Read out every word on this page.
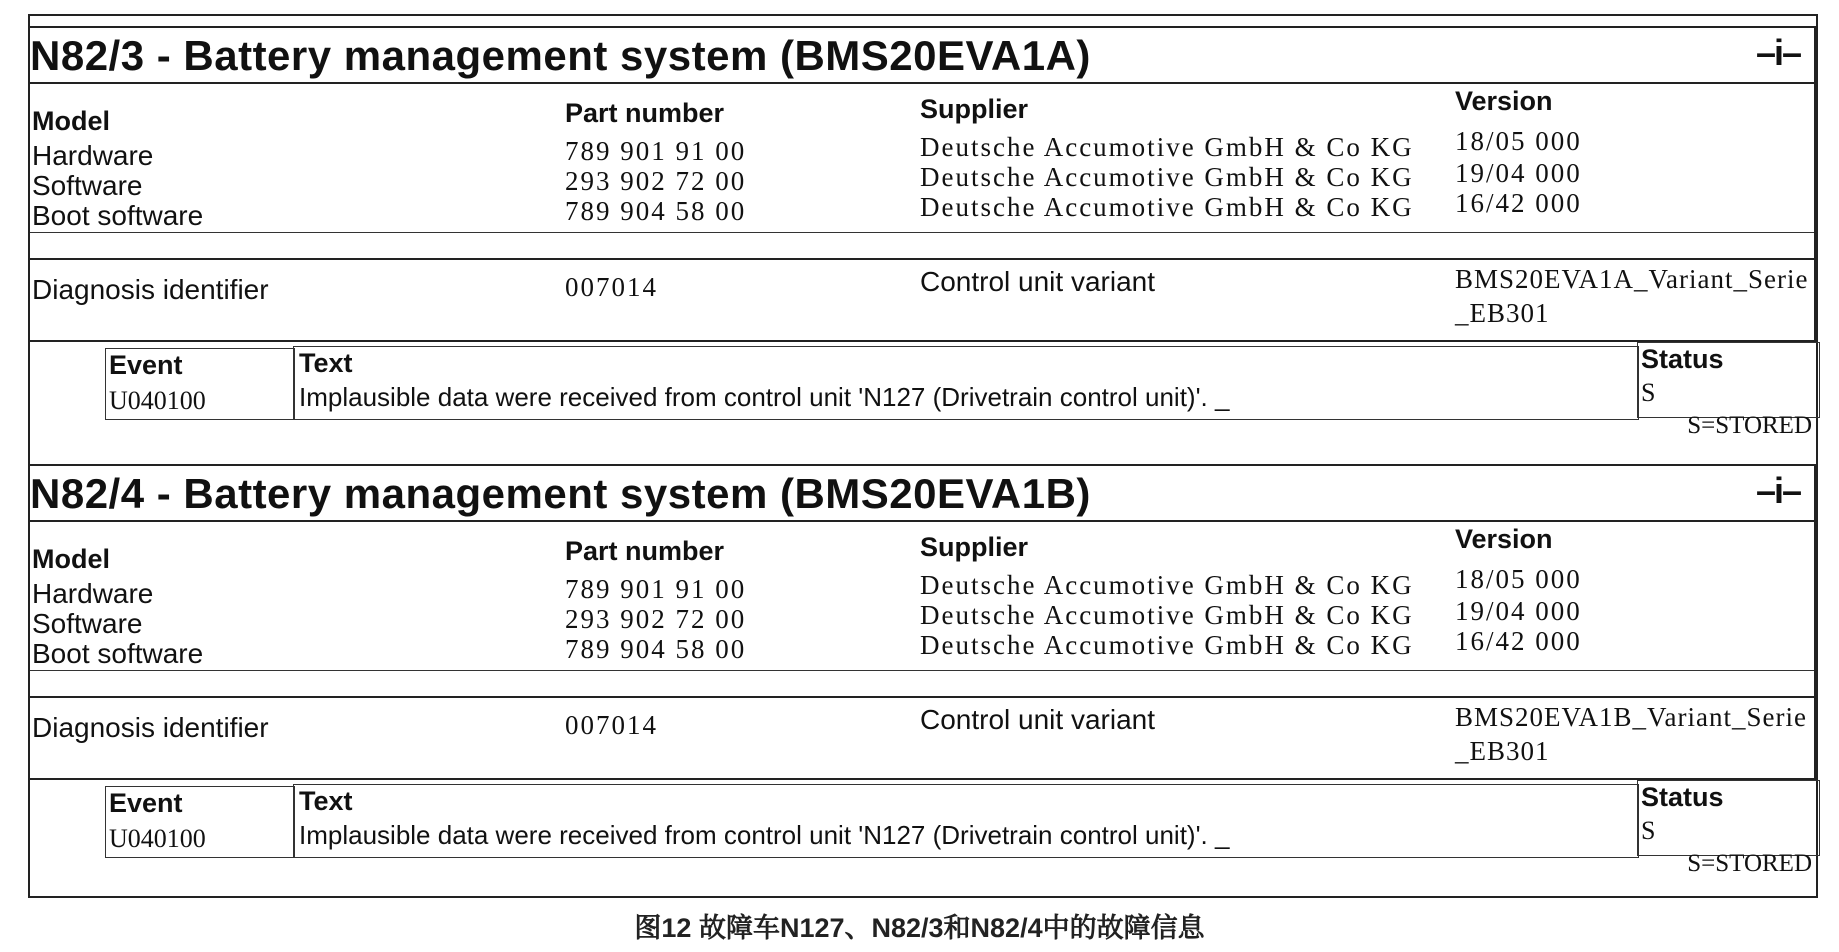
N82/3 - Battery management system (BMS20EVA1A)	–i–
Model	Part number	Supplier	Version
Hardware	789 901 91 00	Deutsche Accumotive GmbH & Co KG 18/05 000
Software	293 902 72 00	Deutsche Accumotive GmbH & Co KG 19/04 000
Boot software	789 904 58 00	Deutsche Accumotive GmbH & Co KG 16/42 000
Diagnosis identifier	007014	Control unit variant	BMS20EVA1A_Variant_Serie
_EB301
Event	Text	Status
U040100	Implausible data were received from control unit 'N127 (Drivetrain control unit)'. _	S
S=STORED
N82/4 - Battery management system (BMS20EVA1B)	–i–
Model	Part number	Supplier	Version
Hardware	789 901 91 00	Deutsche Accumotive GmbH & Co KG 18/05 000
Software	293 902 72 00	Deutsche Accumotive GmbH & Co KG 19/04 000
Boot software	789 904 58 00	Deutsche Accumotive GmbH & Co KG 16/42 000
Diagnosis identifier	007014	Control unit variant	BMS20EVA1B_Variant_Serie
_EB301
Event	Text	Status
U040100	Implausible data were received from control unit 'N127 (Drivetrain control unit)'. _	S
S=STORED
图12 故障车N127、N82/3和N82/4中的故障信息
